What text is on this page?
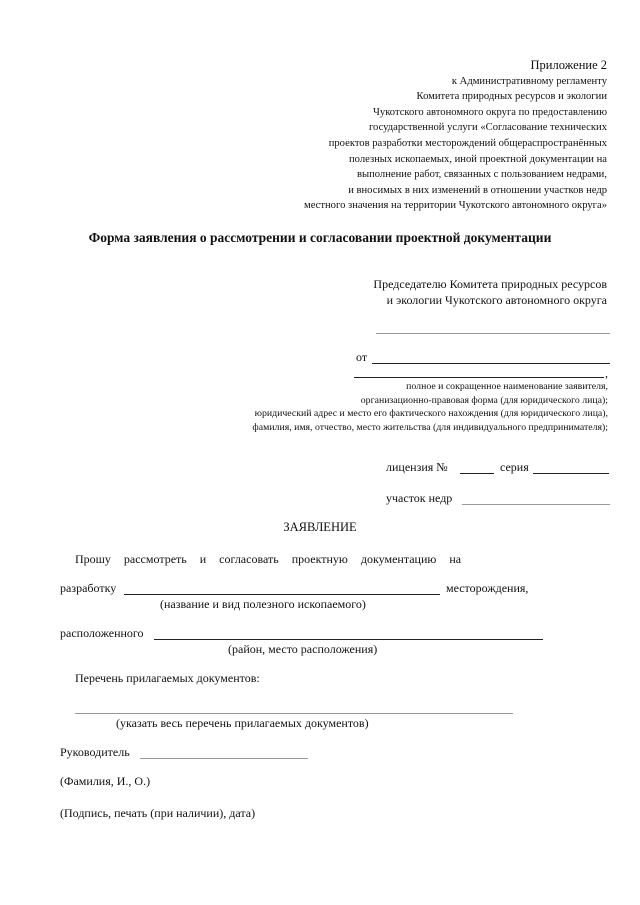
Приложение 2
к Административному регламенту
Комитета природных ресурсов и экологии
Чукотского автономного округа по предоставлению
государственной услуги «Согласование технических
проектов разработки месторождений общераспространённых
полезных ископаемых, иной проектной документации на
выполнение работ, связанных с пользованием недрами,
и вносимых в них изменений в отношении участков недр
местного значения на территории Чукотского автономного округа»
Форма заявления о рассмотрении и согласовании проектной документации
Председателю Комитета природных ресурсов
и экологии Чукотского автономного округа
от
,
полное и сокращенное наименование заявителя,
организационно-правовая форма (для юридического лица);
юридический адрес и место его фактического нахождения (для юридического лица),
фамилия, имя, отчество, место жительства (для индивидуального предпринимателя);
лицензия №	серия
участок недр
ЗАЯВЛЕНИЕ
Прошу рассмотреть и согласовать проектную документацию на
разработку	месторождения,
(название и вид полезного ископаемого)
расположенного
(район, место расположения)
Перечень прилагаемых документов:
(указать весь перечень прилагаемых документов)
Руководитель
(Фамилия, И., О.)
(Подпись, печать (при наличии), дата)
